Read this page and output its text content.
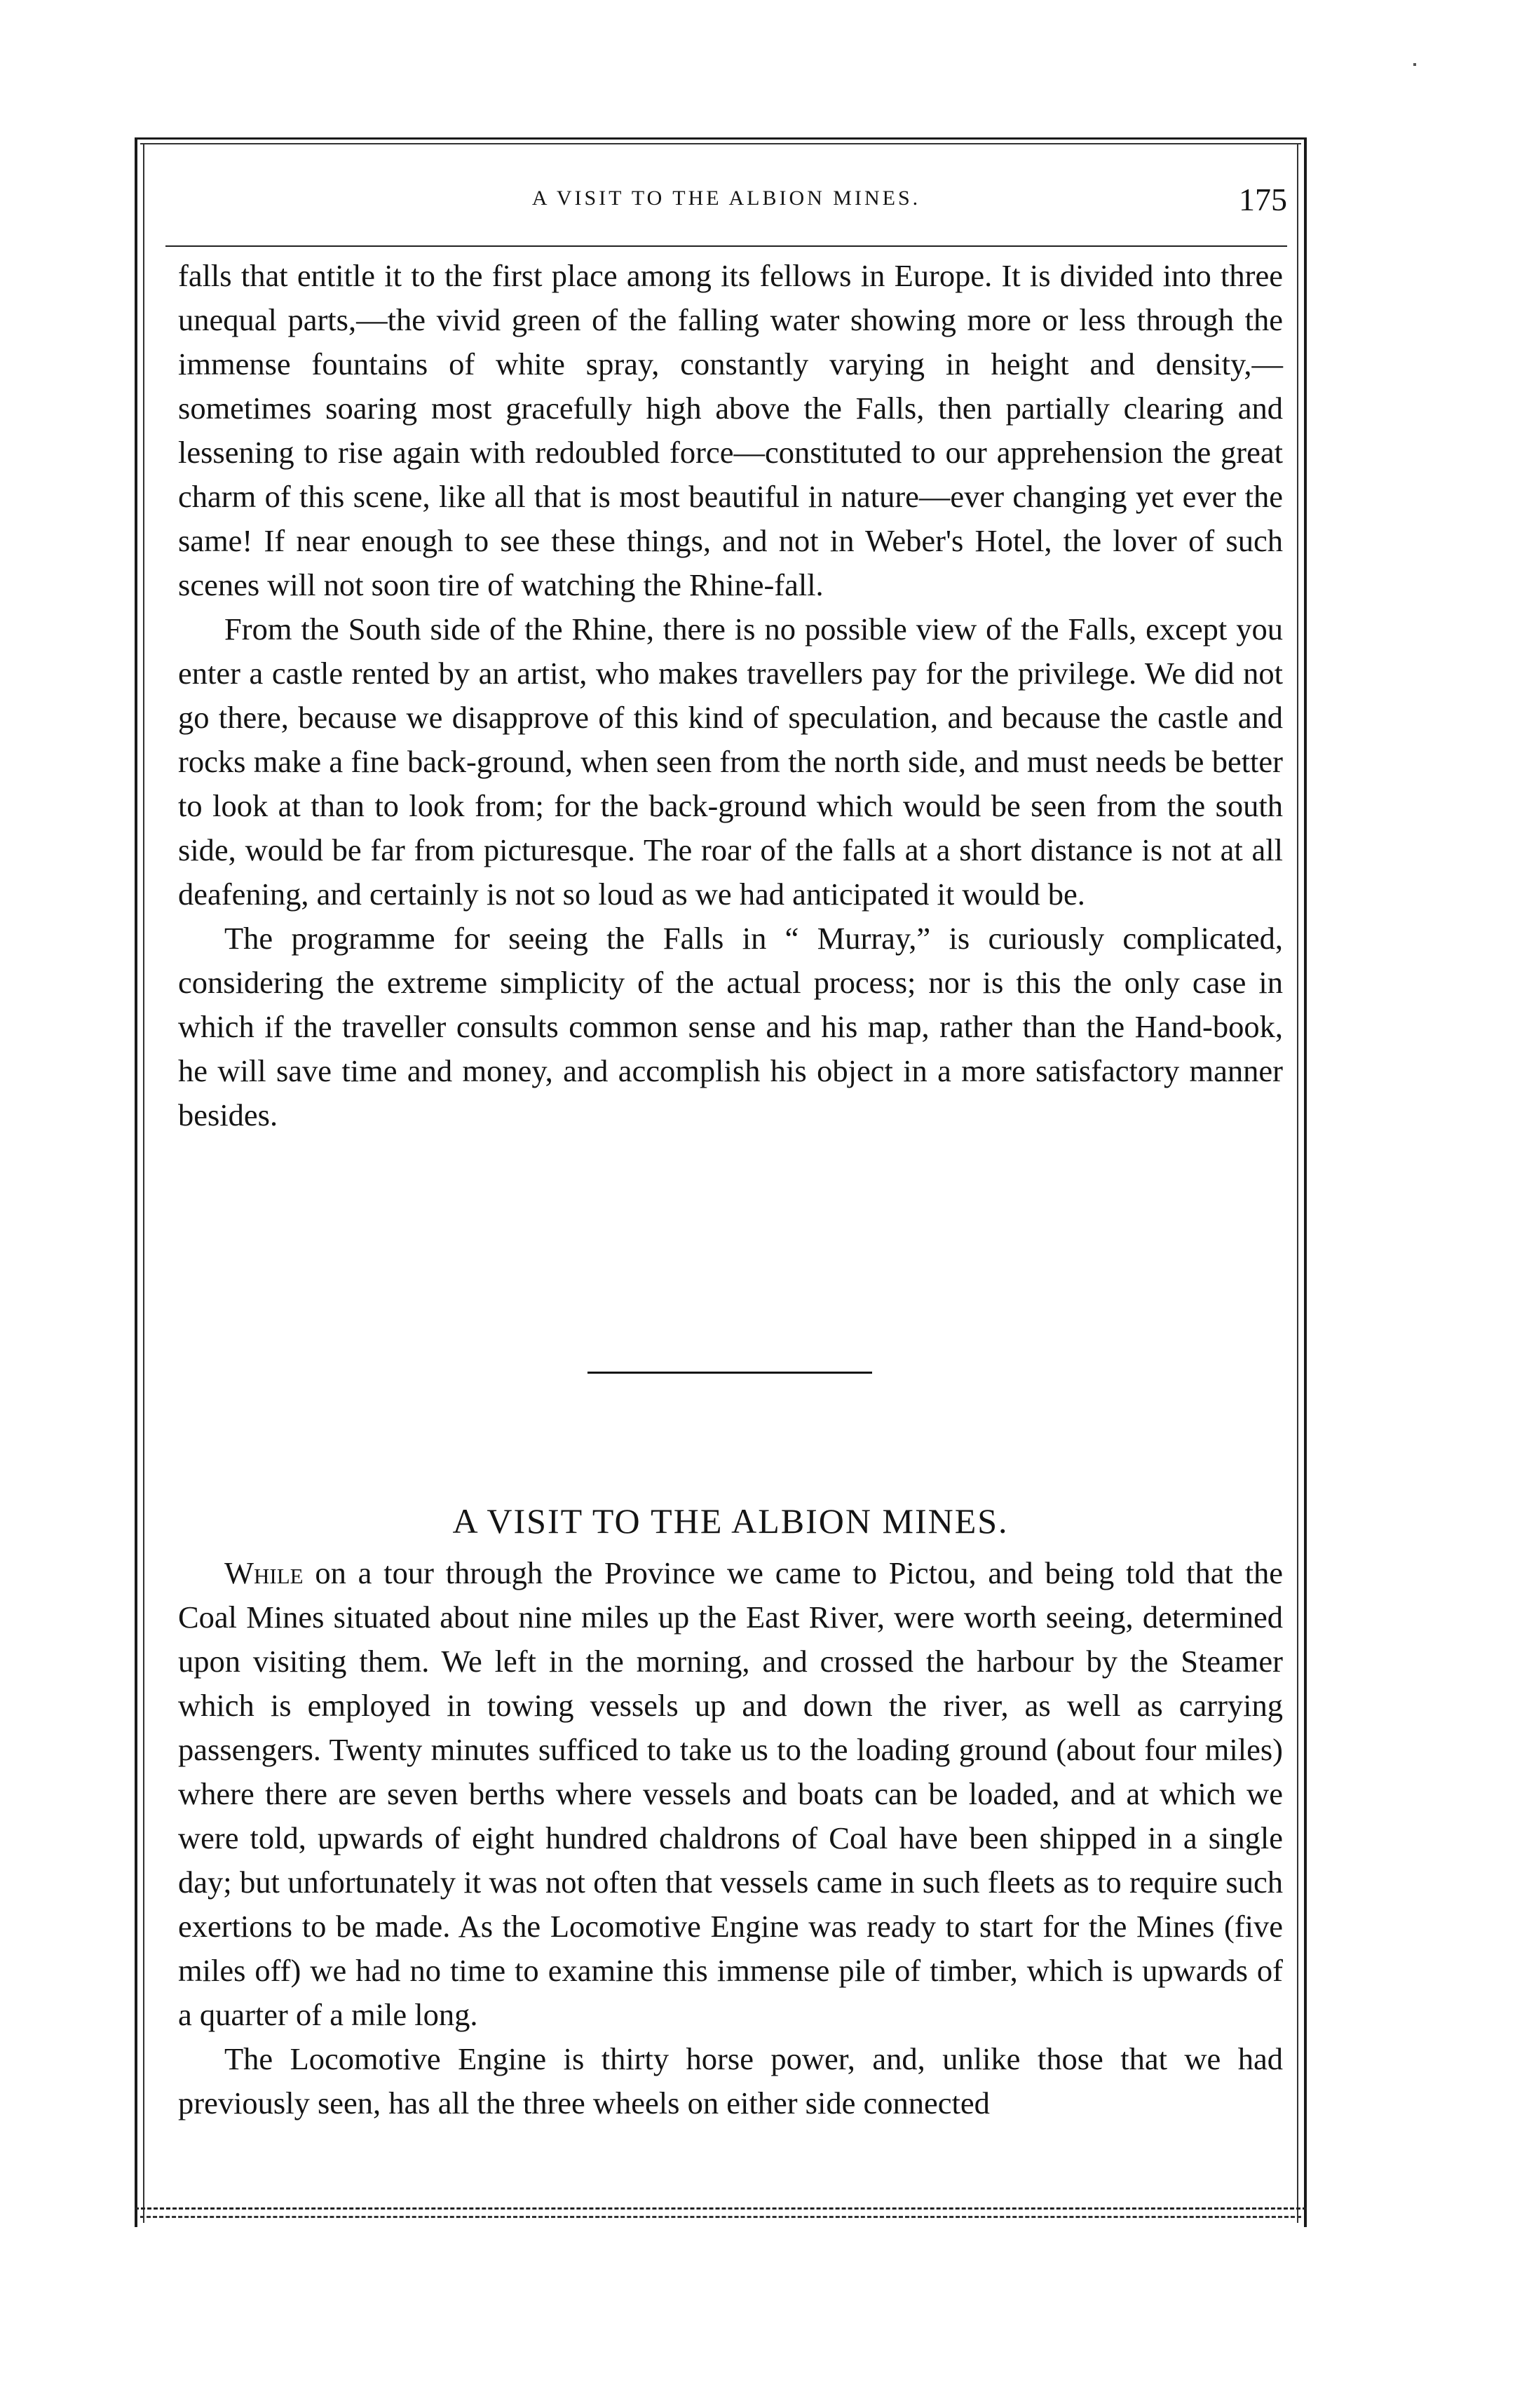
A VISIT TO THE ALBION MINES.	175

falls that entitle it to the first place among its fellows in Europe. It is divided into three unequal parts,—the vivid green of the falling water showing more or less through the immense fountains of white spray, constantly varying in height and density,—sometimes soaring most gracefully high above the Falls, then partially clearing and lessening to rise again with redoubled force—constituted to our apprehension the great charm of this scene, like all that is most beautiful in nature—ever changing yet ever the same! If near enough to see these things, and not in Weber's Hotel, the lover of such scenes will not soon tire of watching the Rhine-fall.

From the South side of the Rhine, there is no possible view of the Falls, except you enter a castle rented by an artist, who makes travellers pay for the privilege. We did not go there, because we disapprove of this kind of speculation, and because the castle and rocks make a fine back-ground, when seen from the north side, and must needs be better to look at than to look from; for the back-ground which would be seen from the south side, would be far from picturesque. The roar of the falls at a short distance is not at all deafening, and certainly is not so loud as we had anticipated it would be.

The programme for seeing the Falls in “ Murray,” is curiously complicated, considering the extreme simplicity of the actual process; nor is this the only case in which if the traveller consults common sense and his map, rather than the Hand-book, he will save time and money, and accomplish his object in a more satisfactory manner besides.

A VISIT TO THE ALBION MINES.

While on a tour through the Province we came to Pictou, and being told that the Coal Mines situated about nine miles up the East River, were worth seeing, determined upon visiting them. We left in the morning, and crossed the harbour by the Steamer which is employed in towing vessels up and down the river, as well as carrying passengers. Twenty minutes sufficed to take us to the loading ground (about four miles) where there are seven berths where vessels and boats can be loaded, and at which we were told, upwards of eight hundred chaldrons of Coal have been shipped in a single day; but unfortunately it was not often that vessels came in such fleets as to require such exertions to be made. As the Locomotive Engine was ready to start for the Mines (five miles off) we had no time to examine this immense pile of timber, which is upwards of a quarter of a mile long.

The Locomotive Engine is thirty horse power, and, unlike those that we had previously seen, has all the three wheels on either side connected
